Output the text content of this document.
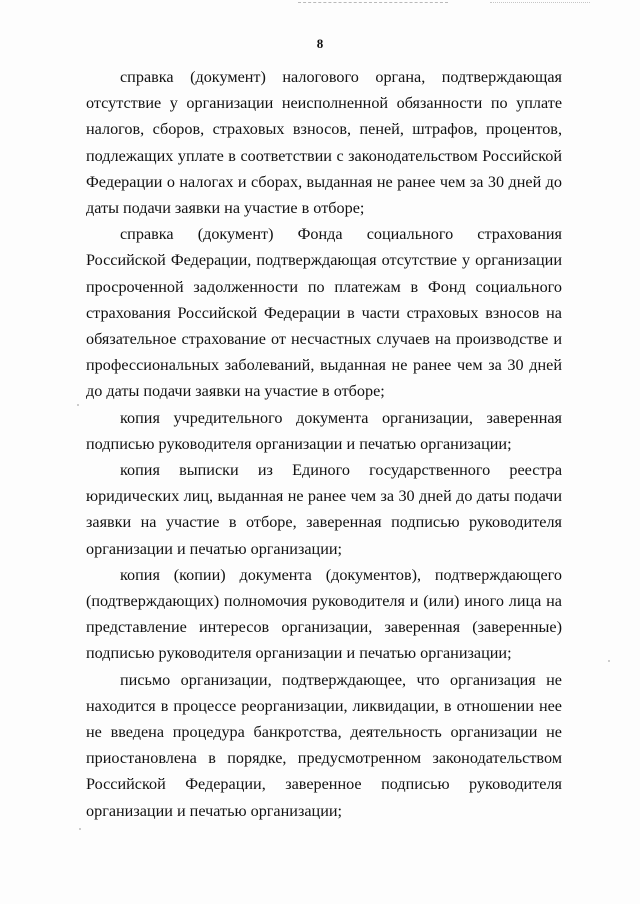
8

справка (документ) налогового органа, подтверждающая отсутствие у организации неисполненной обязанности по уплате налогов, сборов, страховых взносов, пеней, штрафов, процентов, подлежащих уплате в соответствии с законодательством Российской Федерации о налогах и сборах, выданная не ранее чем за 30 дней до даты подачи заявки на участие в отборе;

справка (документ) Фонда социального страхования Российской Федерации, подтверждающая отсутствие у организации просроченной задолженности по платежам в Фонд социального страхования Российской Федерации в части страховых взносов на обязательное страхование от несчастных случаев на производстве и профессиональных заболеваний, выданная не ранее чем за 30 дней до даты подачи заявки на участие в отборе;

копия учредительного документа организации, заверенная подписью руководителя организации и печатью организации;

копия выписки из Единого государственного реестра юридических лиц, выданная не ранее чем за 30 дней до даты подачи заявки на участие в отборе, заверенная подписью руководителя организации и печатью организации;

копия (копии) документа (документов), подтверждающего (подтверждающих) полномочия руководителя и (или) иного лица на представление интересов организации, заверенная (заверенные) подписью руководителя организации и печатью организации;

письмо организации, подтверждающее, что организация не находится в процессе реорганизации, ликвидации, в отношении нее не введена процедура банкротства, деятельность организации не приостановлена в порядке, предусмотренном законодательством Российской Федерации, заверенное подписью руководителя организации и печатью организации;
